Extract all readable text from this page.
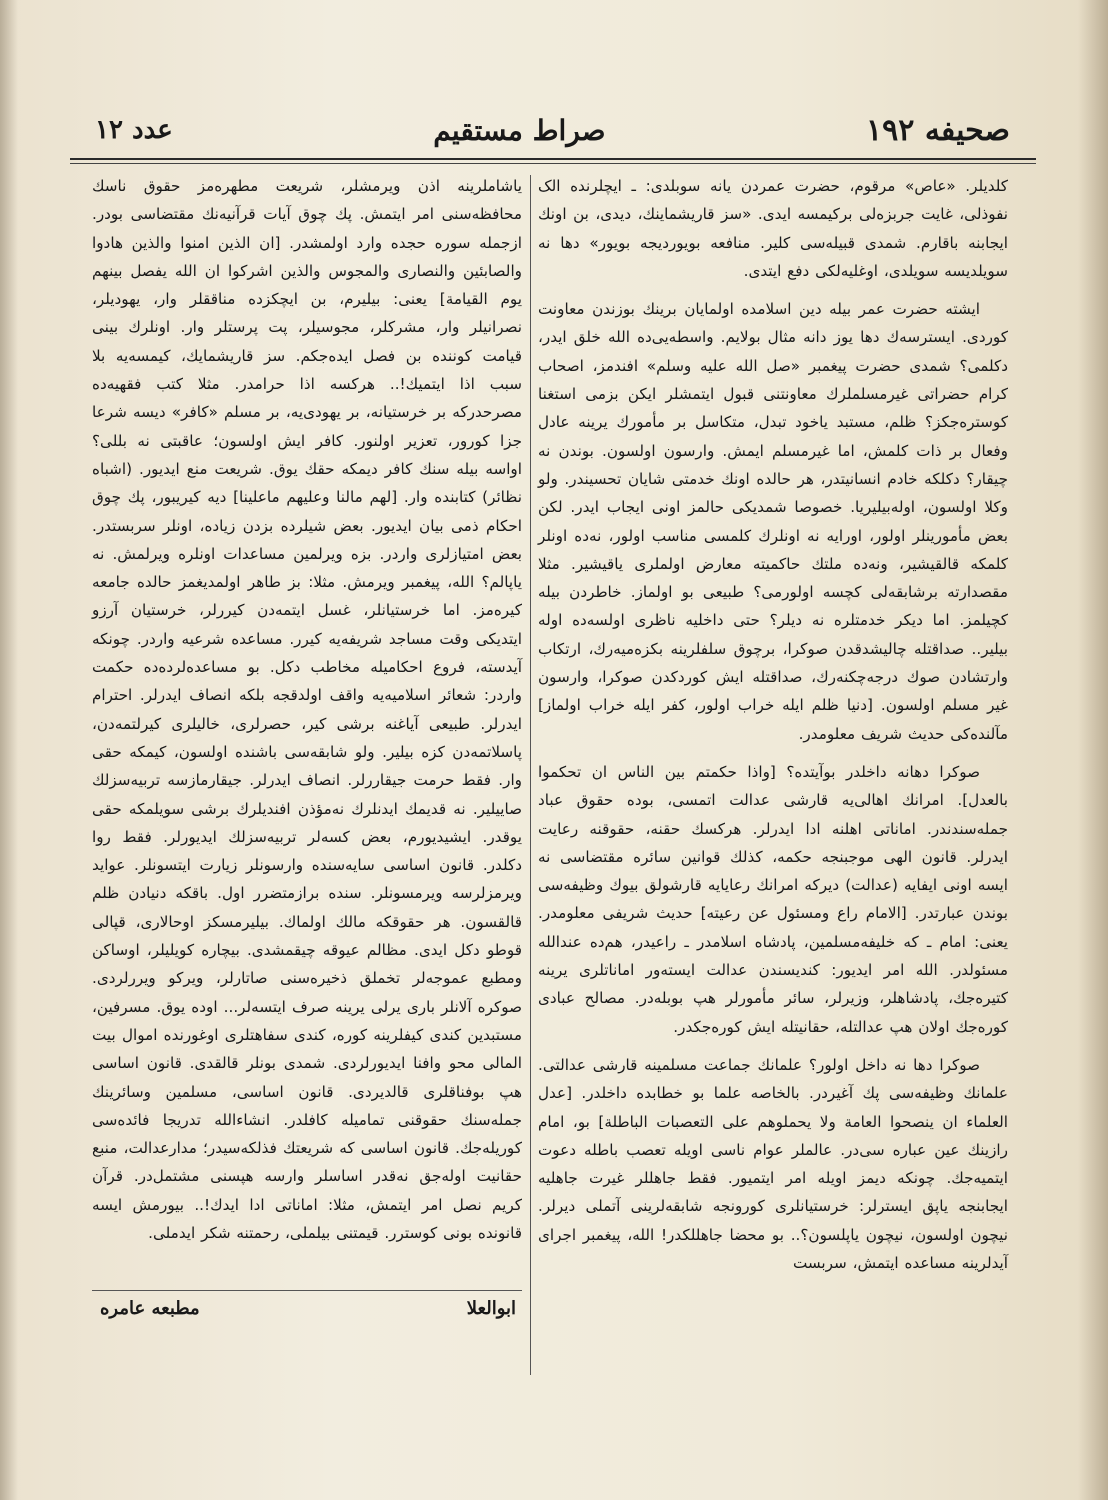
صحیفه ۱۹۲
صراط مستقیم
عدد ۱۲

کلدیلر. «عاص» مرقوم، حضرت عمردن یانه سوبلدی: ـ ایچلرنده الک نفوذلی، غایت جربزه‌لی برکیمسه ایدی. «سز قاریشماینك، دیدی، بن اونك ایجابنه باقارم. شمدی قبیله‌سی کلیر. منافعه بویوردیجه بویور» دها نه سویلدیسه سویلدی، اوغلیه‌لکی دفع ایتدی.

ایشته حضرت عمر بیله دین اسلامده اولمایان برینك بوزندن معاونت کوردی. ایسترسه‌ك دها یوز دانه مثال بولایم. واسطه‌یی‌ده الله خلق ایدر، دکلمی؟ شمدی حضرت پیغمبر «صل الله علیه وسلم» افندمز، اصحاب کرام حضراتی غیرمسلملرك معاونتنی قبول ایتمشلر ایکن بزمی استغنا کوستره‌جکز؟ ظلم، مستبد یاخود تبدل، متکاسل بر مأمورك یرینه عادل وفعال بر ذات کلمش، اما غیرمسلم ایمش. وارسون اولسون. بوندن نه چیقار؟ دکلکه خادم انسانیتدر، هر حالده اونك خدمتی شایان تحسیندر. ولو وکلا اولسون، اوله‌بیلیریا. خصوصا شمدیکی حالمز اونی ایجاب ایدر. لکن بعض مأمورینلر اولور، اورایه نه اونلرك کلمسی مناسب اولور، نه‌ده اونلر کلمکه قالقیشیر، ونه‌ده ملتك حاکمیته معارض اولملری یاقیشیر. مثلا مقصدارته برشابقه‌لی کچسه اولورمی؟ طبیعی بو اولماز. خاطردن بیله کچیلمز. اما دیکر خدمتلره نه دیلر؟ حتی داخلیه ناظری اولسه‌ده اوله بیلیر.. صداقتله چالیشدقدن صوکرا، برچوق سلفلرینه بکزه‌میه‌رك، ارتکاب وارتشادن صوك درجه‌چکنه‌رك، صداقتله ایش کوردکدن صوکرا، وارسون غیر مسلم اولسون. [دنیا ظلم ایله خراب اولور، کفر ایله خراب اولماز] مآلنده‌کی حدیث شریف معلومدر.

صوکرا دهانه داخلدر بوآیتده؟ [واذا حکمتم بین الناس ان تحکموا بالعدل]. امرانك اهالی‌یه قارشی عدالت اتمسی، بوده حقوق عباد جمله‌سندندر. اماناتی اهلنه ادا ایدرلر. هرکسك حقنه، حقوقنه رعایت ایدرلر. قانون الهی موجبنجه حکمه، کذلك قوانین سائره مقتضاسی نه ایسه اونی ایفایه (عدالت) دیرکه امرانك رعایایه قارشولق بیوك وظیفه‌سی بوندن عبارتدر. [الامام راع ومسئول عن رعیته] حدیث شریفی معلومدر. یعنی: امام ـ که خلیفه‌مسلمین، پادشاه اسلامدر ـ راعیدر، هم‌ده عندالله مسئولدر. الله امر ایدیور: کندیسندن عدالت ایسته‌ور اماناتلری یرینه کتیره‌جك، پادشاهلر، وزیرلر، سائر مأمورلر هپ بوبله‌در. مصالح عبادی کوره‌جك اولان هپ عدالتله، حقانیتله ایش کوره‌جکدر.

صوکرا دها نه داخل اولور؟ علمانك جماعت مسلمینه قارشی عدالتی. علمانك وظیفه‌سی پك آغیردر. بالخاصه علما بو خطابده داخلدر. [عدل العلماء ان ینصحوا العامة ولا یحملوهم علی التعصبات الباطلة] بو، امام رازینك عین عباره سی‌در. عالملر عوام ناسی اویله تعصب باطله دعوت ایتمیه‌جك. چونکه دیمز اویله امر ایتمیور. فقط جاهللر غیرت جاهلیه ایجابنجه یاپق ایسترلر: خرستیانلری کورونجه شابقه‌لرینی آتملی دیرلر. نیچون اولسون، نیچون یاپلسون؟.. بو محضا جاهللکدر! الله، پیغمبر اجرای آیدلرینه مساعده ایتمش، سربست

یاشاملرینه اذن ویرمشلر، شریعت مطهره‌مز حقوق ناسك محافظه‌سنی امر ایتمش. پك چوق آیات قرآنیه‌نك مقتضاسی بودر. ازجمله سوره حجده وارد اولمشدر. [ان الذین امنوا والذین هادوا والصابئین والنصاری والمجوس والذین اشرکوا ان الله یفصل بینهم یوم القیامة] یعنی: بیلیرم، بن ایچکزده مناققلر وار، یهودیلر، نصرانیلر وار، مشرکلر، مجوسیلر، پت پرستلر وار. اونلرك بینی قیامت کوننده بن فصل ایده‌جکم. سز قاریشمایك، کیمسه‌یه بلا سبب اذا ایتمیك!.. هرکسه اذا حرامدر. مثلا کتب فقهیه‌ده مصرحدرکه بر خرستیانه، بر یهودی‌یه، بر مسلم «کافر» دیسه شرعا جزا کورور، تعزیر اولنور. کافر ایش اولسون؛ عاقبتی نه بللی؟ اواسه بیله سنك کافر دیمکه حقك یوق. شریعت منع ایدیور. (اشباه نظائر) کتابنده وار. [لهم مالنا وعلیهم ماعلینا] دیه کیریبور، پك چوق احکام ذمی بیان ایدیور. بعض شیلرده بزدن زیاده، اونلر سربستدر. بعض امتیازلری واردر. بزه ویرلمین مساعدات اونلره ویرلمش. نه یاپالم؟ الله، پیغمبر ویرمش. مثلا: بز طاهر اولمدیغمز حالده جامعه کیره‌مز. اما خرستیانلر، غسل ایتمه‌دن کیررلر، خرستیان آرزو ایتدیکی وقت مساجد شریفه‌یه کیرر. مساعده شرعیه واردر. چونکه آیدسته، فروع احکامیله مخاطب دکل. بو مساعده‌لرده‌ده حکمت واردر: شعائر اسلامیه‌یه واقف اولدقجه بلکه انصاف ایدرلر. احترام ایدرلر. طبیعی آیاغنه برشی کیر، حصرلری، خالیلری کیرلتمه‌دن، پاسلاتمه‌دن کزه بیلیر. ولو شابقه‌سی باشنده اولسون، کیمکه حقی وار. فقط حرمت جیقاررلر. انصاف ایدرلر. جیقارمازسه تربیه‌سزلك صاییلیر. نه قدیمك ایدنلرك نه‌مؤذن افندیلرك برشی سویلمکه حقی یوقدر. ایشیدیورم، بعض کسه‌لر تربیه‌سزلك ایدیورلر. فقط روا دکلدر. قانون اساسی سایه‌سنده وارسونلر زیارت ایتسونلر. عواید ویرمزلرسه ویرمسونلر. سنده برازمتضرر اول. باقکه دنیادن ظلم قالقسون. هر حقوقکه مالك اولماك. بیلیرمسکز اوحالاری، قپالی قوطو دکل ایدی. مظالم عیوقه چیقمشدی. بیچاره کویلیلر، اوساکن ومطبع عموجه‌لر تخملق ذخیره‌سنی صاتارلر، ویرکو ویررلردی. صوکره آلانلر باری یرلی یرینه صرف ایتسه‌لر... اوده یوق. مسرفین، مستبدین کندی کیفلرینه کوره، کندی سفاهتلری اوغورنده اموال بیت المالی محو وافنا ایدیورلردی. شمدی بونلر قالقدی. قانون اساسی هپ بوفناقلری قالدیردی. قانون اساسی، مسلمین وسائرینك جمله‌سنك حقوقنی تمامیله کافلدر. انشاءالله تدریجا فائده‌سی کوریله‌جك. قانون اساسی که شریعتك فذلکه‌سیدر؛ مدارعدالت، منبع حقانیت اوله‌جق نه‌قدر اساسلر وارسه هپسنی مشتمل‌در. قرآن کریم نصل امر ایتمش، مثلا: اماناتی ادا ایدك!.. بیورمش ایسه قانونده بونی کوسترر. قیمتنی بیلملی، رحمتنه شکر ایدملی.

ابوالعلا
مطبعه عامره
